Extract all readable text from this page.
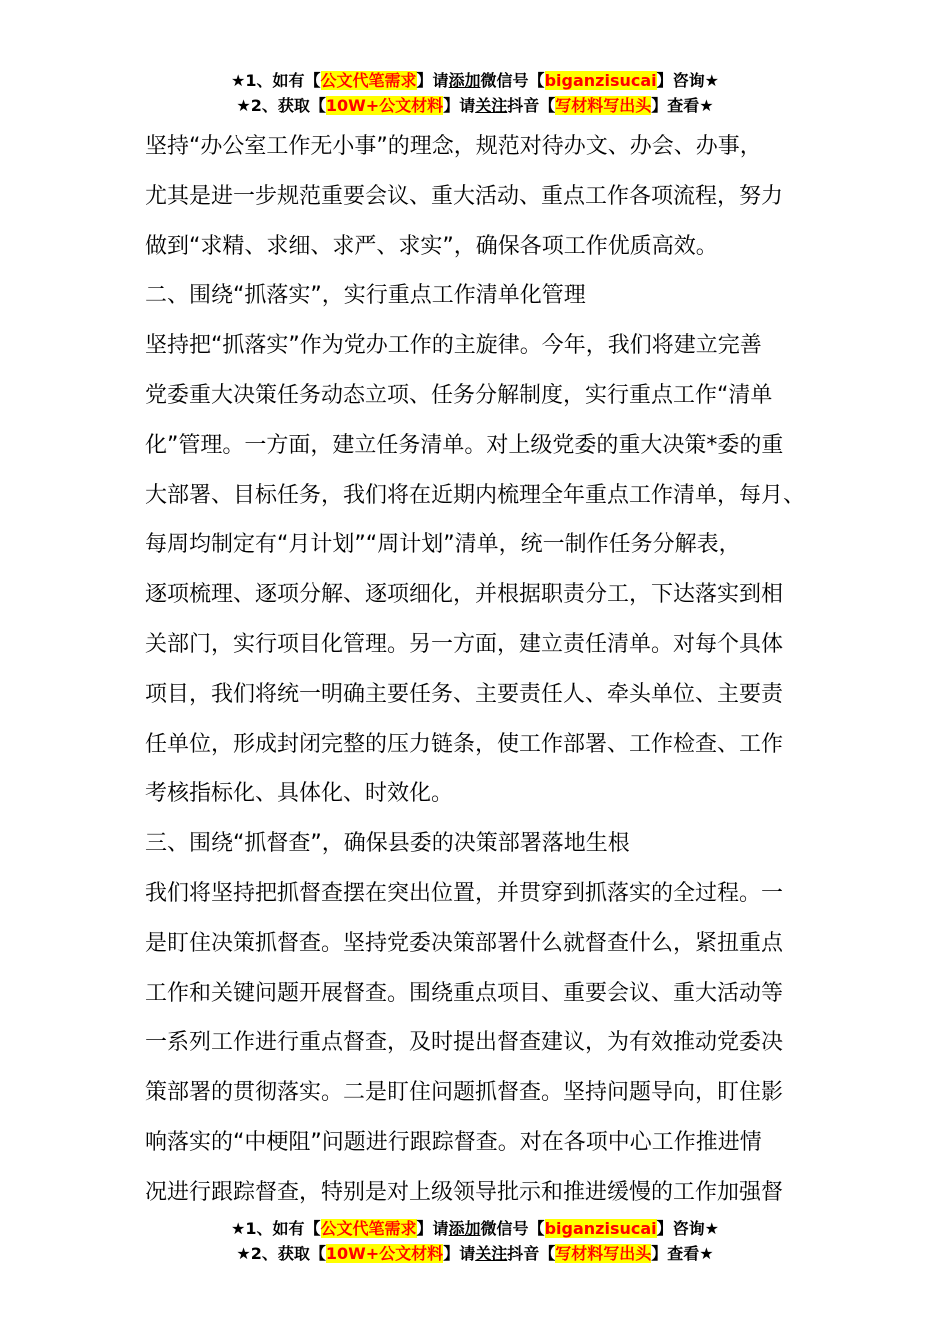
★1、如有【公文代笔需求】请添加微信号【biganzisucai】咨询★
★2、获取【10W+公文材料】请关注抖音【写材料写出头】查看★
坚持“办公室工作无小事”的理念，规范对待办文、办会、办事，
尤其是进一步规范重要会议、重大活动、重点工作各项流程，努力
做到“求精、求细、求严、求实”，确保各项工作优质高效。
二、围绕“抓落实”，实行重点工作清单化管理
坚持把“抓落实”作为党办工作的主旋律。今年，我们将建立完善
党委重大决策任务动态立项、任务分解制度，实行重点工作“清单
化”管理。一方面，建立任务清单。对上级党委的重大决策*委的重
大部署、目标任务，我们将在近期内梳理全年重点工作清单，每月、
每周均制定有“月计划”“周计划”清单，统一制作任务分解表，
逐项梳理、逐项分解、逐项细化，并根据职责分工，下达落实到相
关部门，实行项目化管理。另一方面，建立责任清单。对每个具体
项目，我们将统一明确主要任务、主要责任人、牵头单位、主要责
任单位，形成封闭完整的压力链条，使工作部署、工作检查、工作
考核指标化、具体化、时效化。
三、围绕“抓督查”，确保县委的决策部署落地生根
我们将坚持把抓督查摆在突出位置，并贯穿到抓落实的全过程。一
是盯住决策抓督查。坚持党委决策部署什么就督查什么，紧扭重点
工作和关键问题开展督查。围绕重点项目、重要会议、重大活动等
一系列工作进行重点督查，及时提出督查建议，为有效推动党委决
策部署的贯彻落实。二是盯住问题抓督查。坚持问题导向，盯住影
响落实的“中梗阻”问题进行跟踪督查。对在各项中心工作推进情
况进行跟踪督查，特别是对上级领导批示和推进缓慢的工作加强督
★1、如有【公文代笔需求】请添加微信号【biganzisucai】咨询★
★2、获取【10W+公文材料】请关注抖音【写材料写出头】查看★
